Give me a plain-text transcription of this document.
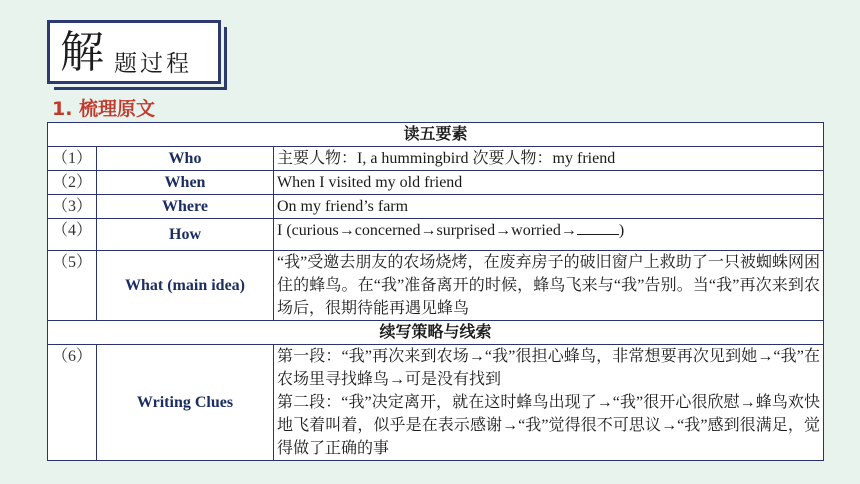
解 题过程
1. 梳理原文
读五要素		
（1）	Who	主要人物：I, a hummingbird 次要人物：my friend
（2）	When	When I visited my old friend
（3）	Where	On my friend’s farm
（4）	How	I (curious→concerned→surprised→worried→ )
（5）	What (main idea)	“我”受邀去朋友的农场烧烤，在废弃房子的破旧窗户上救助了一只被蜘蛛网困住的蜂鸟。在“我”准备离开的时候，蜂鸟飞来与“我”告别。当“我”再次来到农场后，很期待能再遇见蜂鸟
续写策略与线索		
（6）	Writing Clues	第一段：“我”再次来到农场→“我”很担心蜂鸟，非常想要再次见到她→“我”在农场里寻找蜂鸟→可是没有找到
第二段：“我”决定离开，就在这时蜂鸟出现了→“我”很开心很欣慰→蜂鸟欢快地飞着叫着，似乎是在表示感谢→“我”觉得很不可思议→“我”感到很满足，觉得做了正确的事
